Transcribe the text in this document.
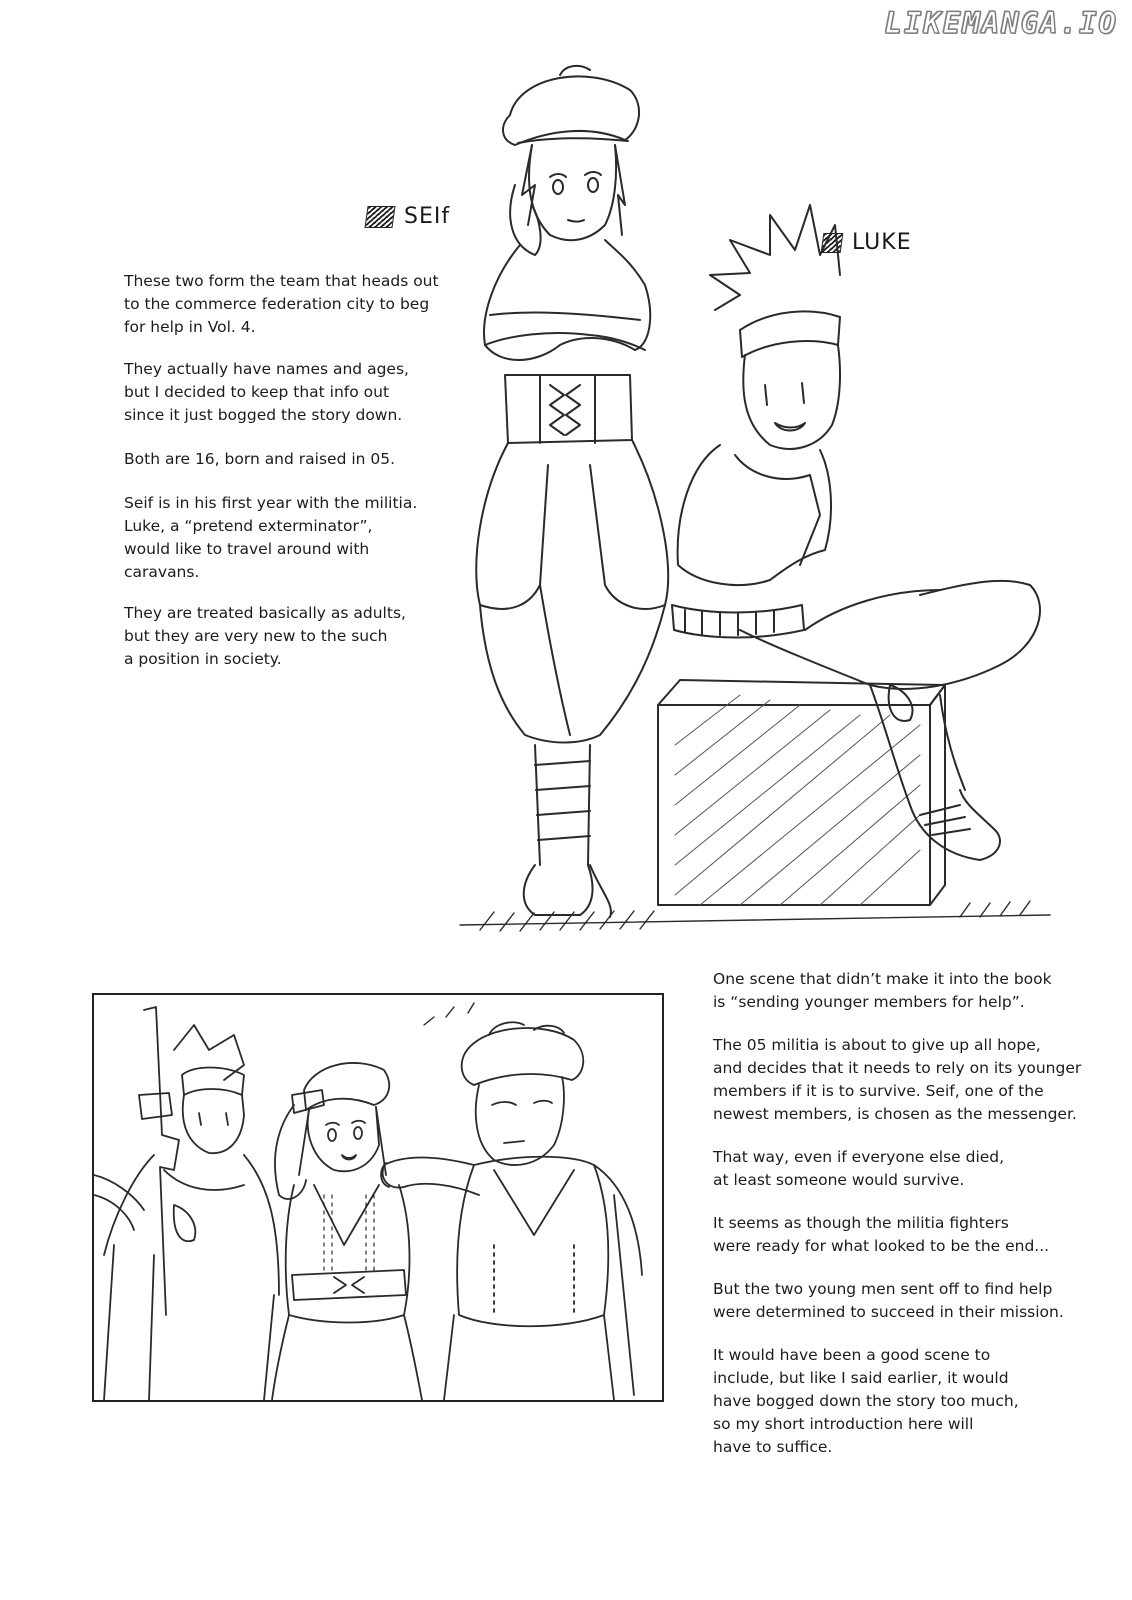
LIKEMANGA.IO
SEIf
LUKE

These two form the team that heads out
to the commerce federation city to beg
for help in Vol. 4.

They actually have names and ages,
but I decided to keep that info out
since it just bogged the story down.

Both are 16, born and raised in 05.

Seif is in his first year with the militia.
Luke, a “pretend exterminator”,
would like to travel around with
caravans.

They are treated basically as adults,
but they are very new to the such
a position in society.

One scene that didn’t make it into the book
is “sending younger members for help”.

The 05 militia is about to give up all hope,
and decides that it needs to rely on its younger
members if it is to survive. Seif, one of the
newest members, is chosen as the messenger.

That way, even if everyone else died,
at least someone would survive.

It seems as though the militia fighters
were ready for what looked to be the end...

But the two young men sent off to find help
were determined to succeed in their mission.

It would have been a good scene to
include, but like I said earlier, it would
have bogged down the story too much,
so my short introduction here will
have to suffice.
